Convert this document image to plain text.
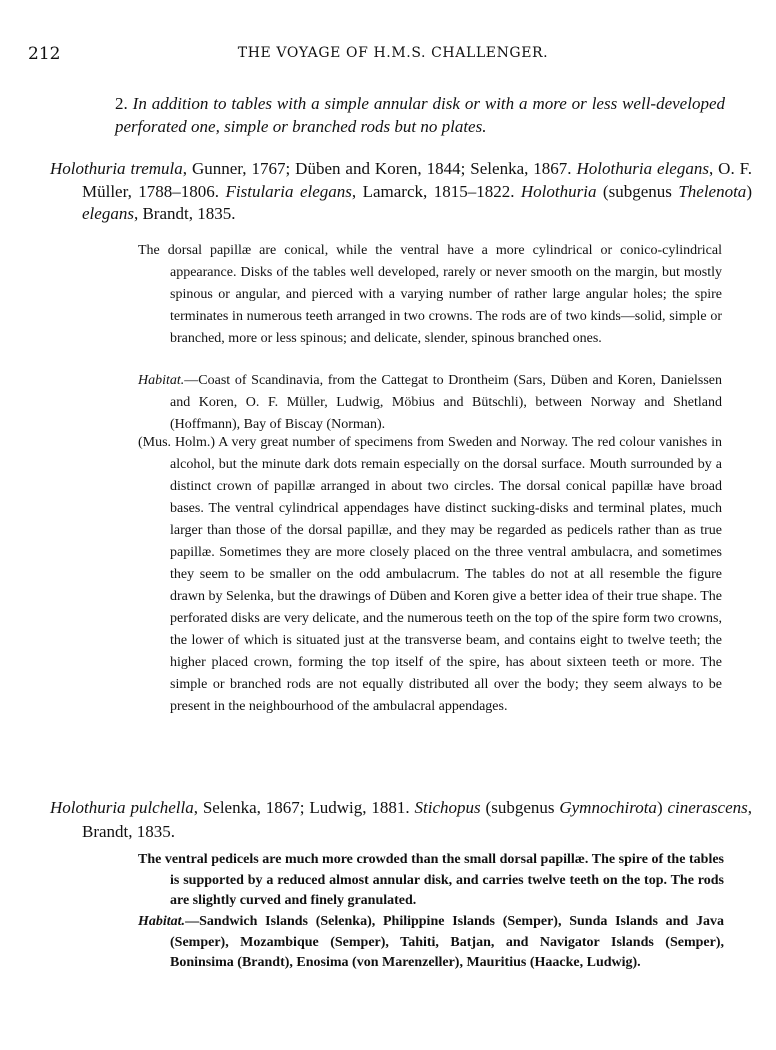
212	THE VOYAGE OF H.M.S. CHALLENGER.

2. In addition to tables with a simple annular disk or with a more or less well-developed perforated one, simple or branched rods but no plates.

Holothuria tremula, Gunner, 1767; Düben and Koren, 1844; Selenka, 1867. Holothuria elegans, O. F. Müller, 1788–1806. Fistularia elegans, Lamarck, 1815–1822. Holothuria (subgenus Thelenota) elegans, Brandt, 1835.

The dorsal papillæ are conical, while the ventral have a more cylindrical or conico-cylindrical appearance. Disks of the tables well developed, rarely or never smooth on the margin, but mostly spinous or angular, and pierced with a varying number of rather large angular holes; the spire terminates in numerous teeth arranged in two crowns. The rods are of two kinds—solid, simple or branched, more or less spinous; and delicate, slender, spinous branched ones.

Habitat.—Coast of Scandinavia, from the Cattegat to Drontheim (Sars, Düben and Koren, Danielssen and Koren, O. F. Müller, Ludwig, Möbius and Bütschli), between Norway and Shetland (Hoffmann), Bay of Biscay (Norman).

(Mus. Holm.) A very great number of specimens from Sweden and Norway. The red colour vanishes in alcohol, but the minute dark dots remain especially on the dorsal surface. Mouth surrounded by a distinct crown of papillæ arranged in about two circles. The dorsal conical papillæ have broad bases. The ventral cylindrical appendages have distinct sucking-disks and terminal plates, much larger than those of the dorsal papillæ, and they may be regarded as pedicels rather than as true papillæ. Sometimes they are more closely placed on the three ventral ambulacra, and sometimes they seem to be smaller on the odd ambulacrum. The tables do not at all resemble the figure drawn by Selenka, but the drawings of Düben and Koren give a better idea of their true shape. The perforated disks are very delicate, and the numerous teeth on the top of the spire form two crowns, the lower of which is situated just at the transverse beam, and contains eight to twelve teeth; the higher placed crown, forming the top itself of the spire, has about sixteen teeth or more. The simple or branched rods are not equally distributed all over the body; they seem always to be present in the neighbourhood of the ambulacral appendages.

Holothuria pulchella, Selenka, 1867; Ludwig, 1881. Stichopus (subgenus Gymnochirota) cinerascens, Brandt, 1835.

The ventral pedicels are much more crowded than the small dorsal papillæ. The spire of the tables is supported by a reduced almost annular disk, and carries twelve teeth on the top. The rods are slightly curved and finely granulated.

Habitat.—Sandwich Islands (Selenka), Philippine Islands (Semper), Sunda Islands and Java (Semper), Mozambique (Semper), Tahiti, Batjan, and Navigator Islands (Semper), Boninsima (Brandt), Enosima (von Marenzeller), Mauritius (Haacke, Ludwig).
